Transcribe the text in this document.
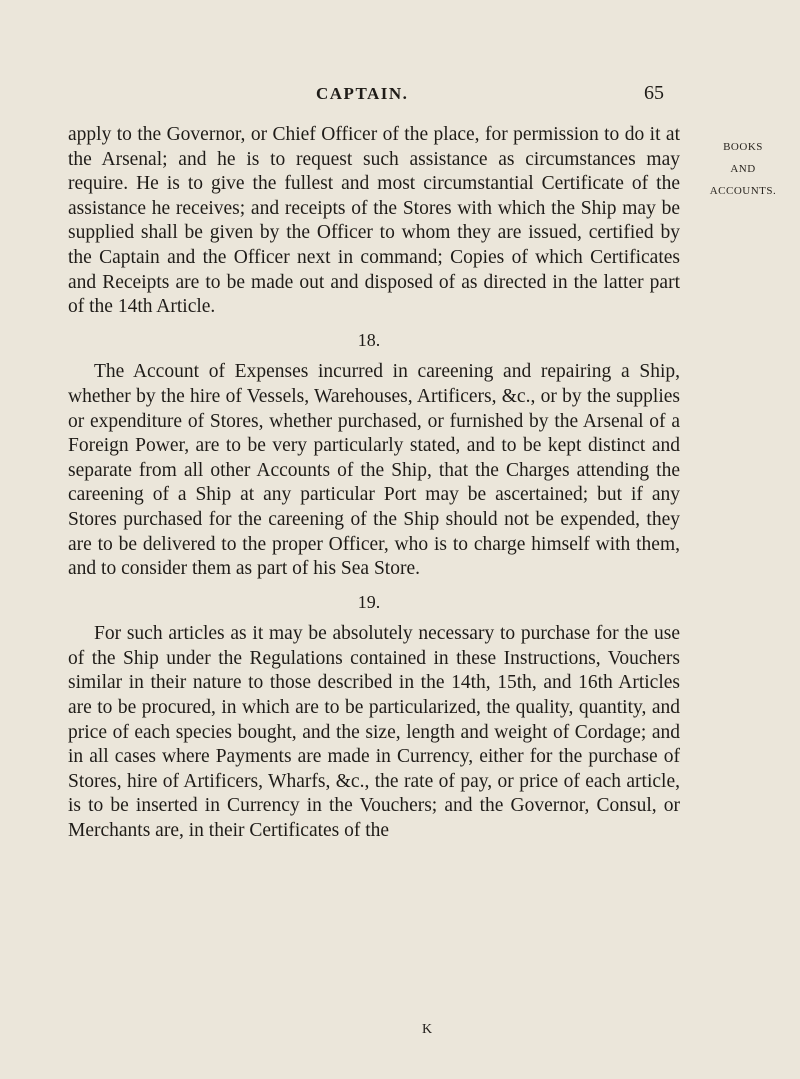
CAPTAIN.	65
BOOKS
AND
ACCOUNTS.

apply to the Governor, or Chief Officer of the place, for permission to do it at the Arsenal; and he is to request such assistance as circumstances may require. He is to give the fullest and most circumstantial Certificate of the assistance he receives; and receipts of the Stores with which the Ship may be supplied shall be given by the Officer to whom they are issued, certified by the Captain and the Officer next in command; Copies of which Certificates and Receipts are to be made out and disposed of as directed in the latter part of the 14th Article.

18.

The Account of Expenses incurred in careening and repairing a Ship, whether by the hire of Vessels, Warehouses, Artificers, &c., or by the supplies or expenditure of Stores, whether purchased, or furnished by the Arsenal of a Foreign Power, are to be very particularly stated, and to be kept distinct and separate from all other Accounts of the Ship, that the Charges attending the careening of a Ship at any particular Port may be ascertained; but if any Stores purchased for the careening of the Ship should not be expended, they are to be delivered to the proper Officer, who is to charge himself with them, and to consider them as part of his Sea Store.

19.

For such articles as it may be absolutely necessary to purchase for the use of the Ship under the Regulations contained in these Instructions, Vouchers similar in their nature to those described in the 14th, 15th, and 16th Articles are to be procured, in which are to be particularized, the quality, quantity, and price of each species bought, and the size, length and weight of Cordage; and in all cases where Payments are made in Currency, either for the purchase of Stores, hire of Artificers, Wharfs, &c., the rate of pay, or price of each article, is to be inserted in Currency in the Vouchers; and the Governor, Consul, or Merchants are, in their Certificates of the

K
